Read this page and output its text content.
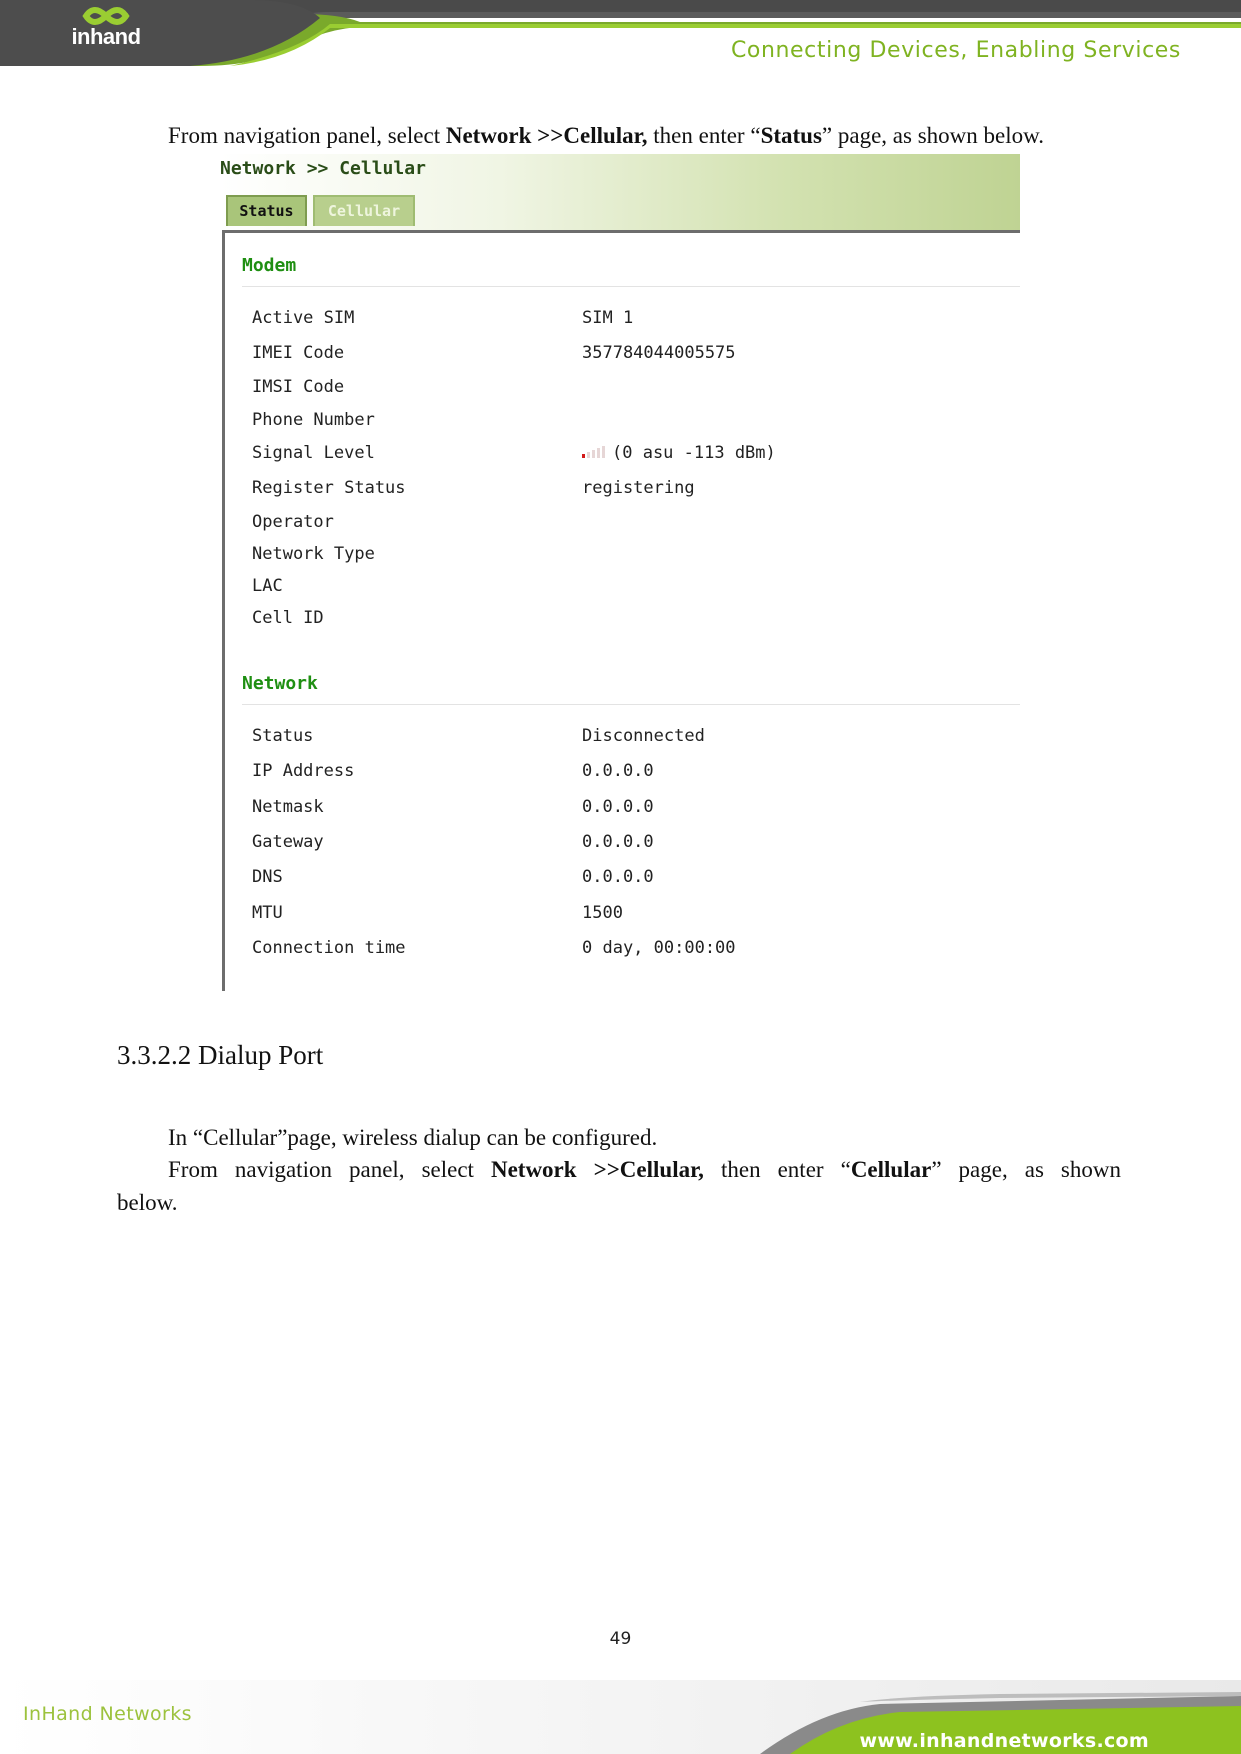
inhand
Connecting Devices, Enabling Services
From navigation panel, select Network >>Cellular, then enter “Status” page, as shown below.
Network >> Cellular
Status	Cellular
Modem
Active SIM	SIM 1
IMEI Code	357784044005575
IMSI Code
Phone Number
Signal Level	(0 asu -113 dBm)
Register Status	registering
Operator
Network Type
LAC
Cell ID
Network
Status	Disconnected
IP Address	0.0.0.0
Netmask	0.0.0.0
Gateway	0.0.0.0
DNS	0.0.0.0
MTU	1500
Connection time	0 day, 00:00:00
3.3.2.2 Dialup Port
In “Cellular”page, wireless dialup can be configured.
From navigation panel, select Network >>Cellular, then enter “Cellular” page, as shown
below.
49
InHand Networks
www.inhandnetworks.com
